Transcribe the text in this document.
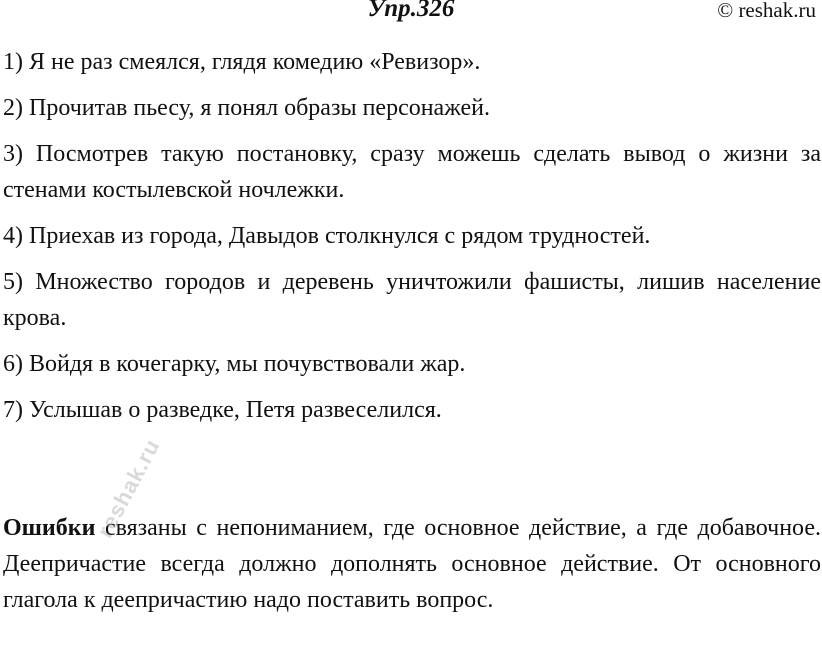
Упр.326	© reshak.ru
1) Я не раз смеялся, глядя комедию «Ревизор».
2) Прочитав пьесу, я понял образы персонажей.
3) Посмотрев такую постановку, сразу можешь сделать вывод о жизни за стенами костылевской ночлежки.
4) Приехав из города, Давыдов столкнулся с рядом трудностей.
5) Множество городов и деревень уничтожили фашисты, лишив население крова.
6) Войдя в кочегарку, мы почувствовали жар.
7) Услышав о разведке, Петя развеселился.

Ошибки связаны с непониманием, где основное действие, а где добавочное. Деепричастие всегда должно дополнять основное действие. От основного глагола к деепричастию надо поставить вопрос.

reshak.ru
